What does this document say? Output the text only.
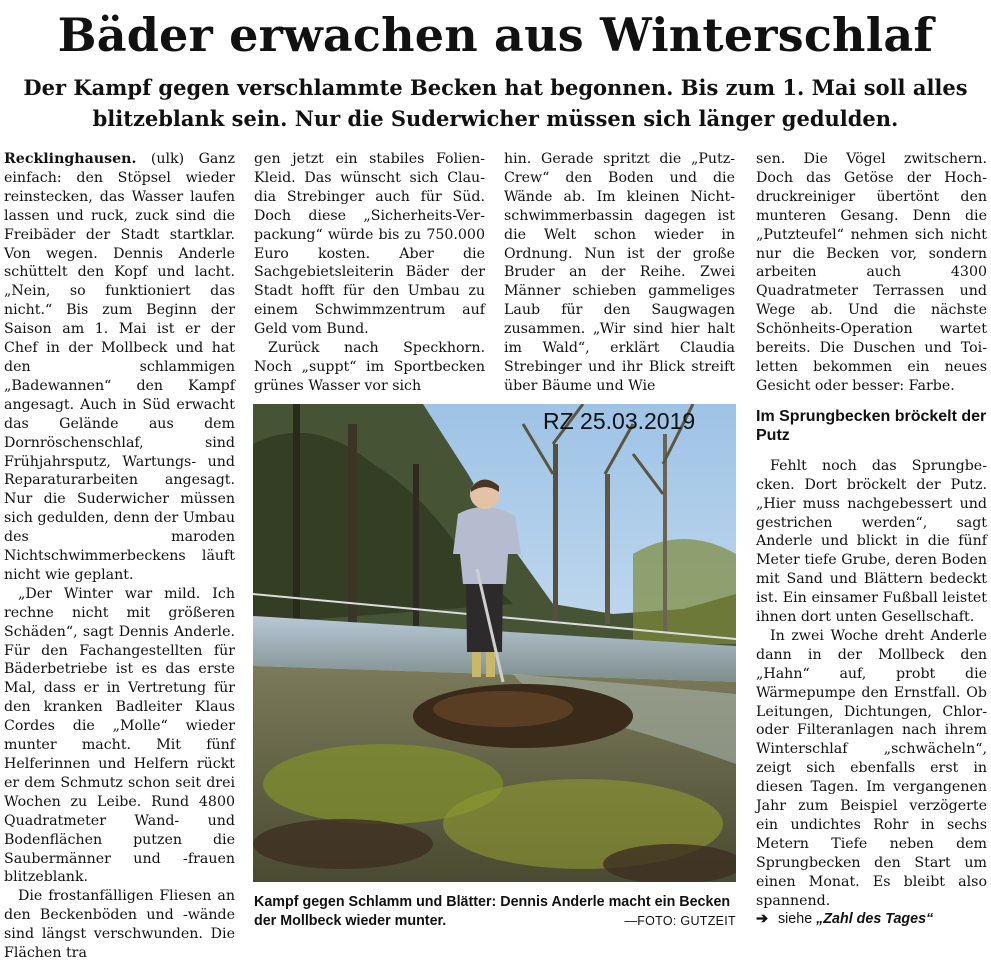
Bäder erwachen aus Winterschlaf
Der Kampf gegen verschlammte Becken hat begonnen. Bis zum 1. Mai soll alles blitzeblank sein. Nur die Suderwicher müssen sich länger gedulden.

Recklinghausen. (ulk) Ganz einfach: den Stöpsel wieder reinstecken, das Wasser laufen lassen und ruck, zuck sind die Freibäder der Stadt startklar. Von wegen. Dennis Anderle schüttelt den Kopf und lacht. „Nein, so funktioniert das nicht.“ Bis zum Beginn der Saison am 1. Mai ist er der Chef in der Mollbeck und hat den schlammigen „Badewannen“ den Kampf angesagt. Auch in Süd erwacht das Gelände aus dem Dornröschenschlaf, sind Frühjahrsputz, Wartungs- und Reparaturarbeiten angesagt. Nur die Suderwicher müssen sich gedulden, denn der Umbau des maroden Nichtschwimmerbeckens läuft nicht wie geplant.

„Der Winter war mild. Ich rechne nicht mit größeren Schäden“, sagt Dennis Anderle. Für den Fachangestellten für Bäderbetriebe ist es das erste Mal, dass er in Vertretung für den kranken Badleiter Klaus Cordes die „Molle“ wieder munter macht. Mit fünf Helferinnen und Helfern rückt er dem Schmutz schon seit drei Wochen zu Leibe. Rund 4800 Quadratmeter Wand- und Bodenflächen putzen die Saubermänner und -frauen blitzeblank.

Die frostanfälligen Fliesen an den Beckenböden und -wände sind längst verschwunden. Die Flächen tra

gen jetzt ein stabiles Folien-Kleid. Das wünscht sich Claudia Strebinger auch für Süd. Doch diese „Sicherheits-Verpackung“ würde bis zu 750.000 Euro kosten. Aber die Sachgebietsleiterin Bäder der Stadt hofft für den Umbau zu einem Schwimmzentrum auf Geld vom Bund.

Zurück nach Speckhorn. Noch „suppt“ im Sportbecken grünes Wasser vor sich

hin. Gerade spritzt die „Putz-Crew“ den Boden und die Wände ab. Im kleinen Nichtschwimmerbassin dagegen ist die Welt schon wieder in Ordnung. Nun ist der große Bruder an der Reihe. Zwei Männer schieben gammeliges Laub für den Saugwagen zusammen. „Wir sind hier halt im Wald“, erklärt Claudia Strebinger und ihr Blick streift über Bäume und Wie

sen. Die Vögel zwitschern. Doch das Getöse der Hochdruckreiniger übertönt den munteren Gesang. Denn die „Putzteufel“ nehmen sich nicht nur die Becken vor, sondern arbeiten auch 4300 Quadratmeter Terrassen und Wege ab. Und die nächste Schönheits-Operation wartet bereits. Die Duschen und Toiletten bekommen ein neues Gesicht oder besser: Farbe.

Im Sprungbecken bröckelt der Putz

Fehlt noch das Sprungbecken. Dort bröckelt der Putz. „Hier muss nachgebessert und gestrichen werden“, sagt Anderle und blickt in die fünf Meter tiefe Grube, deren Boden mit Sand und Blättern bedeckt ist. Ein einsamer Fußball leistet ihnen dort unten Gesellschaft.

In zwei Woche dreht Anderle dann in der Mollbeck den „Hahn“ auf, probt die Wärmepumpe den Ernstfall. Ob Leitungen, Dichtungen, Chlor- oder Filteranlagen nach ihrem Winterschlaf „schwächeln“, zeigt sich ebenfalls erst in diesen Tagen. Im vergangenen Jahr zum Beispiel verzögerte ein undichtes Rohr in sechs Metern Tiefe neben dem Sprungbecken den Start um einen Monat. Es bleibt also spannend.

RZ 25.03.2019
Kampf gegen Schlamm und Blätter: Dennis Anderle macht ein Becken der Mollbeck wieder munter.	—FOTO: GUTZEIT ➔ siehe „Zahl des Tages“
